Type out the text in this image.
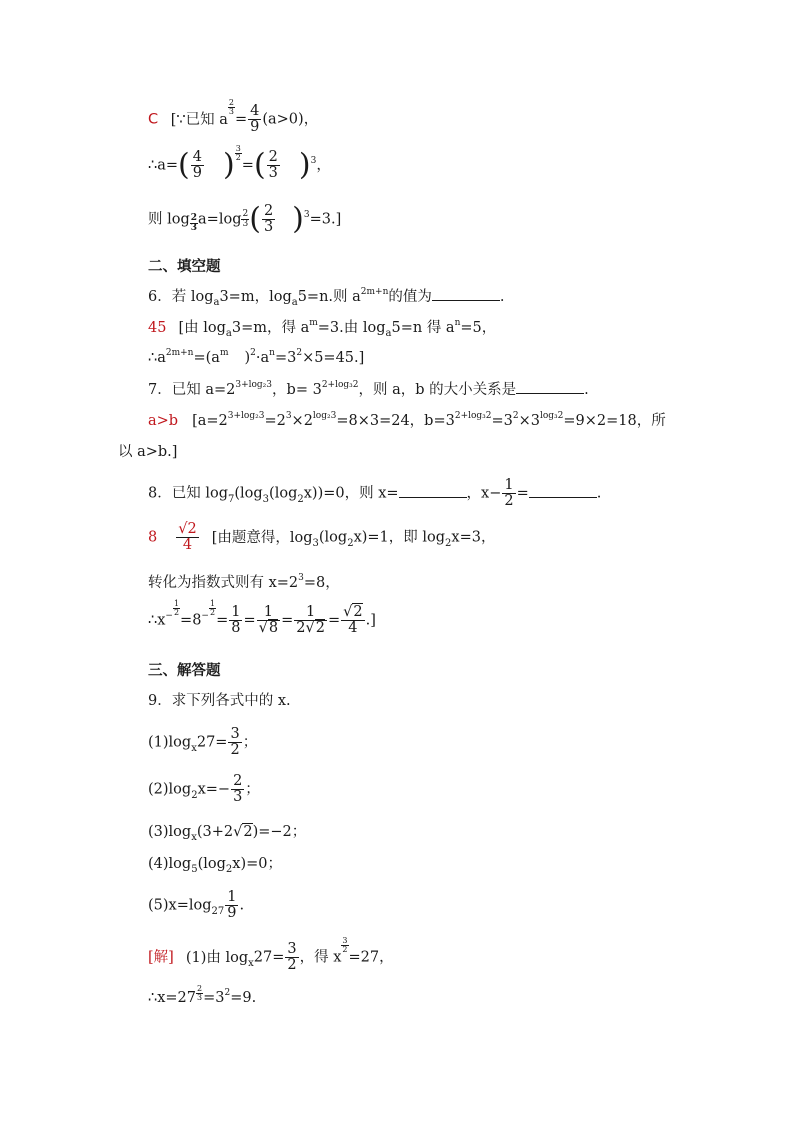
C [∵已知 a
$\frac{2}{3}$
= $\frac{4}{9} (a>0)$，
∴a=( $\frac{4}{9}$ ) $\frac{3}{2}$
=( $\frac{2}{3} )^3$，
则 $\log \frac{2}{3} a=\log \frac{2}{3}$ ( $\frac{2}{3} )^3=3$.]
二、填空题
6．若 $\log_a3=m$，$\log_a5=n$.则 $a^{2m+n}$的值为	.
45 [由 $\log_a3=m$，得 $a^m=3$.由 $\log_a5=n$ 得 $a^n=5$，
$\therefore a^{2m+n}=(a^m$ )$^2\cdot a^n=3^2\times 5=45$.]
7．已知 $a=2^{3+log_23}$，$b= 3^{2+log_32}$，则 a，b 的大小关系是	.
a>b [$a=2^{3+log_23}=2^3\times 2^{log_23}=8\times 3=24$，$b=3^{2+log_32}=3^2\times 3^{log_32}=9\times 2=18$，所
以 a>b.]
8．已知 $\log_7(\log_3(\log_2x))=0$，则 x=	，$x- \frac{1}{2}$ =	.
$8 \frac{√2}{4}$ [由题意得，$\log_3(\log_2x)=1$，即 $\log_2x=3$，
转化为指数式则有 $x=2^3=8$，
∴x− $\frac{1}{2}$
$=8^- \frac{1}{2}$
= $\frac{1}{8} = \frac{1}{√8} = \frac{1}{2√2} = \frac{√2}{4}$ .]
三、解答题
9．求下列各式中的 x.
$(1)\log_x27= \frac{3}{2}$ ；
$(2)\log_2x=- \frac{2}{3}$ ；
$(3)\log_x(3+2√2)=-2$；
$(4)\log_5(\log_2x)=0$；
$(5)x=\log_{27} \frac{1}{9}$ .
[解] (1)由 $\log_x27= \frac{3}{2}$ ，得 x
$\frac{3}{2}$
=27，
∴x=27 $\frac{2}{3} =3^2=9$.
